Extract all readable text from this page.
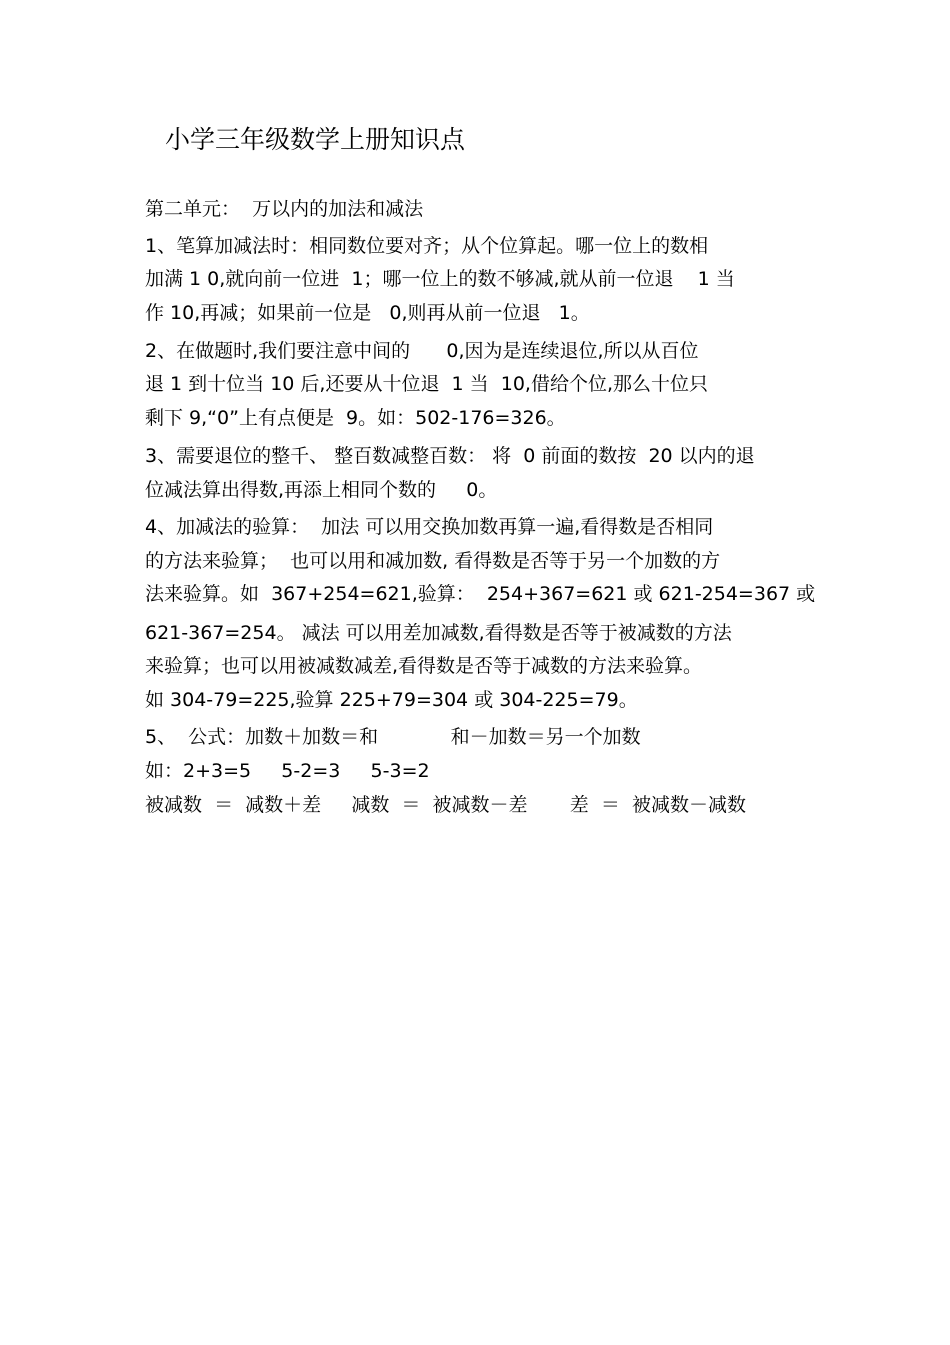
小学三年级数学上册知识点
第二单元：  万以内的加法和减法
1、笔算加减法时：相同数位要对齐；从个位算起。哪一位上的数相
加满 1 0,就向前一位进  1；哪一位上的数不够减,就从前一位退    1 当
作 10,再减；如果前一位是   0,则再从前一位退   1。
2、在做题时,我们要注意中间的      0,因为是连续退位,所以从百位
退 1 到十位当 10 后,还要从十位退  1 当  10,借给个位,那么十位只
剩下 9,“0”上有点便是  9。如：502-176=326。
3、需要退位的整千、 整百数减整百数： 将  0 前面的数按  20 以内的退
位减法算出得数,再添上相同个数的     0。
4、加减法的验算：  加法 可以用交换加数再算一遍,看得数是否相同
的方法来验算；  也可以用和减加数, 看得数是否等于另一个加数的方
法来验算。如  367+254=621,验算：  254+367=621 或 621-254=367 或
621-367=254。 减法 可以用差加减数,看得数是否等于被减数的方法
来验算；也可以用被减数减差,看得数是否等于减数的方法来验算。
如 304-79=225,验算 225+79=304 或 304-225=79。
5、  公式：加数＋加数＝和            和－加数＝另一个加数
如：2+3=5     5-2=3     5-3=2
被减数  ＝  减数＋差     减数  ＝  被减数－差       差  ＝  被减数－减数
